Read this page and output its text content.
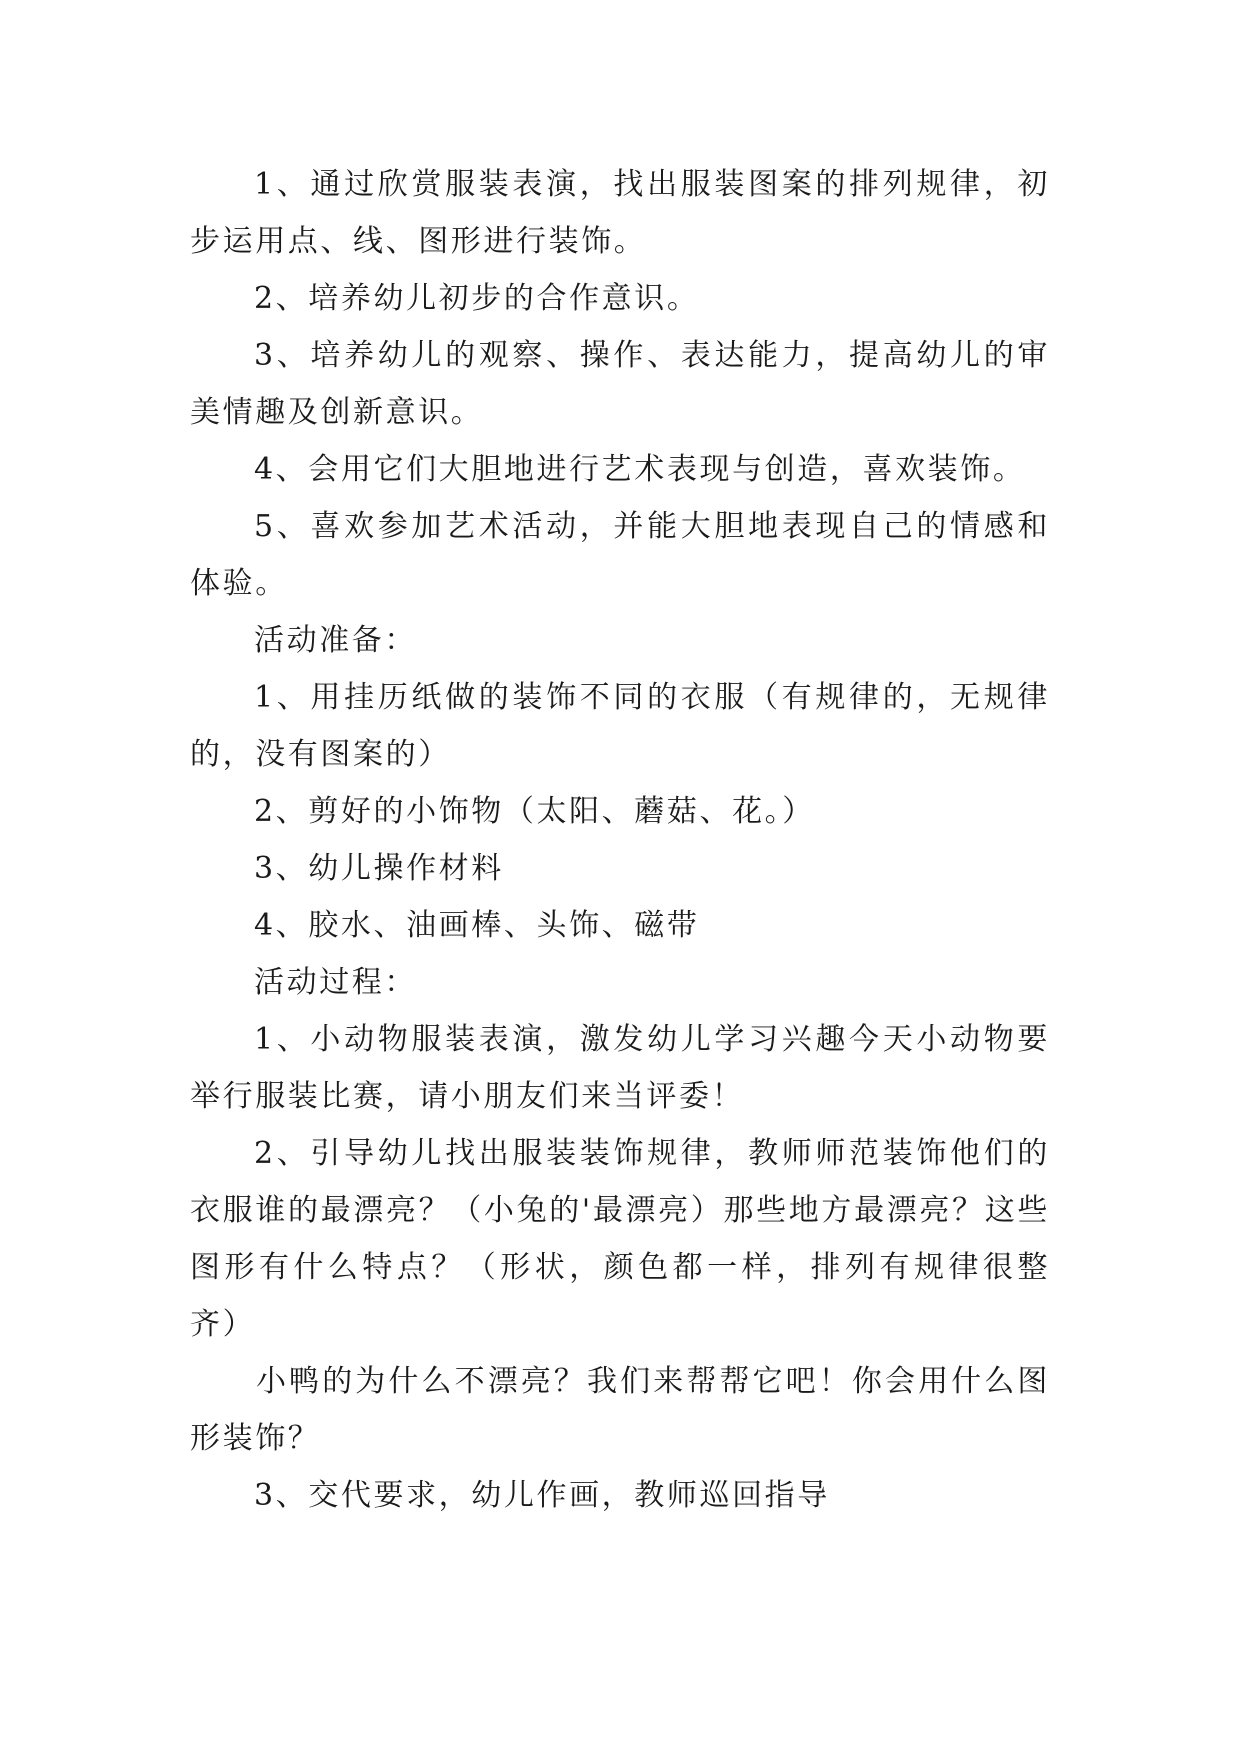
1、通过欣赏服装表演，找出服装图案的排列规律，初步运用点、线、图形进行装饰。

2、培养幼儿初步的合作意识。

3、培养幼儿的观察、操作、表达能力，提高幼儿的审美情趣及创新意识。

4、会用它们大胆地进行艺术表现与创造，喜欢装饰。

5、喜欢参加艺术活动，并能大胆地表现自己的情感和体验。

活动准备：

1、用挂历纸做的装饰不同的衣服（有规律的，无规律的，没有图案的）

2、剪好的小饰物（太阳、蘑菇、花。）

3、幼儿操作材料

4、胶水、油画棒、头饰、磁带

活动过程：

1、小动物服装表演，激发幼儿学习兴趣今天小动物要举行服装比赛，请小朋友们来当评委！

2、引导幼儿找出服装装饰规律，教师师范装饰他们的衣服谁的最漂亮？（小兔的'最漂亮）那些地方最漂亮？这些图形有什么特点？（形状，颜色都一样，排列有规律很整齐）

小鸭的为什么不漂亮？我们来帮帮它吧！你会用什么图形装饰？

3、交代要求，幼儿作画，教师巡回指导
